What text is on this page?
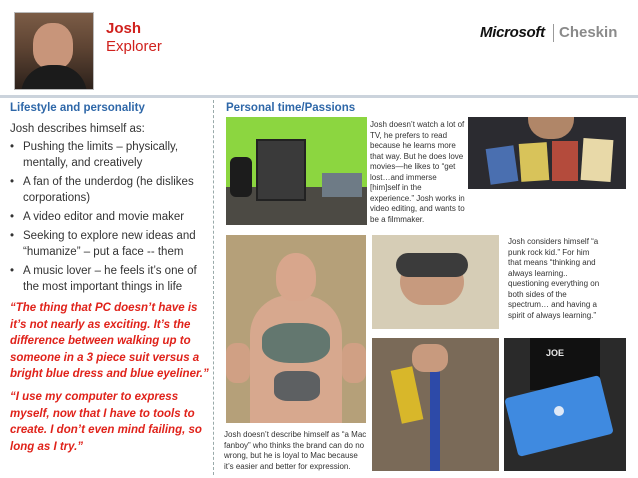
Josh
Explorer
Microsoft Cheskin
Lifestyle and personality
Josh describes himself as:
• Pushing the limits – physically, mentally, and creatively
• A fan of the underdog (he dislikes corporations)
• A video editor and movie maker
• Seeking to explore new ideas and “humanize” – put a face -- them
• A music lover – he feels it’s one of the most important things in life
“The thing that PC doesn’t have is it’s not nearly as exciting. It’s the difference between walking up to someone in a 3 piece suit versus a bright blue dress and blue eyeliner.”
“I use my computer to express myself, now that I have to tools to create. I don’t even mind failing, so long as I try.”
Personal time/Passions
Josh doesn’t watch a lot of TV, he prefers to read because he learns more that way. But he does love movies—he likes to “get lost…and immerse [him]self in the experience.” Josh works in video editing, and wants to be a filmmaker.
Josh considers himself “a punk rock kid.” For him that means “thinking and always learning.. questioning everything on both sides of the spectrum… and having a spirit of always learning.”
Josh doesn’t describe himself as “a Mac fanboy” who thinks the brand can do no wrong, but he is loyal to Mac because it’s easier and better for expression.
JOE
